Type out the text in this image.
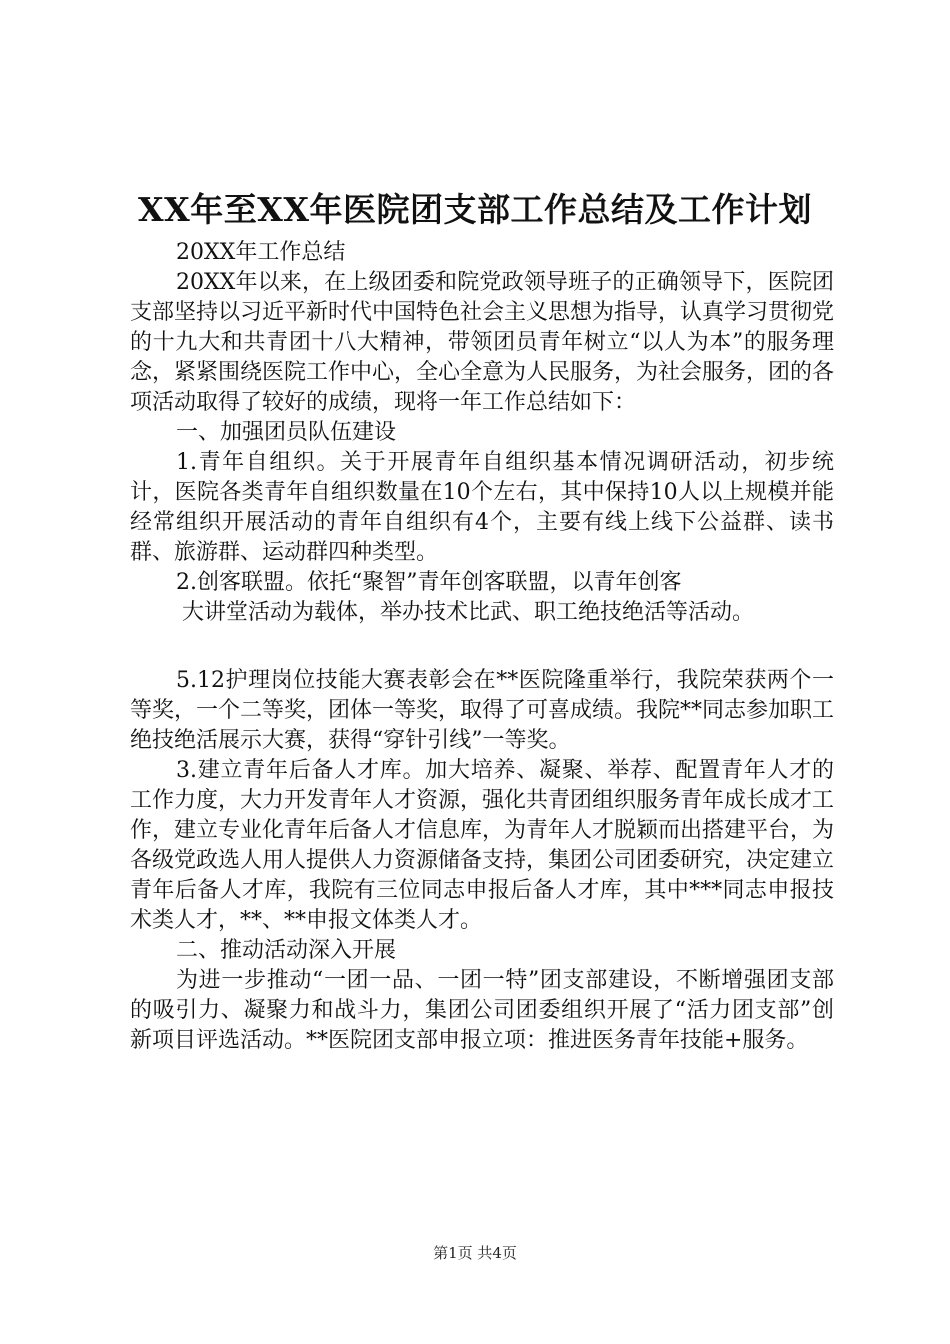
XX年至XX年医院团支部工作总结及工作计划

20XX年工作总结

20XX年以来，在上级团委和院党政领导班子的正确领导下，医院团支部坚持以习近平新时代中国特色社会主义思想为指导，认真学习贯彻党的十九大和共青团十八大精神，带领团员青年树立“以人为本”的服务理念，紧紧围绕医院工作中心，全心全意为人民服务，为社会服务，团的各项活动取得了较好的成绩，现将一年工作总结如下：

一、加强团员队伍建设

1.青年自组织。关于开展青年自组织基本情况调研活动，初步统计，医院各类青年自组织数量在10个左右，其中保持10人以上规模并能经常组织开展活动的青年自组织有4个，主要有线上线下公益群、读书群、旅游群、运动群四种类型。

2.创客联盟。依托“聚智”青年创客联盟，以青年创客

大讲堂活动为载体，举办技术比武、职工绝技绝活等活动。

5.12护理岗位技能大赛表彰会在**医院隆重举行，我院荣获两个一等奖，一个二等奖，团体一等奖，取得了可喜成绩。我院**同志参加职工绝技绝活展示大赛，获得“穿针引线”一等奖。

3.建立青年后备人才库。加大培养、凝聚、举荐、配置青年人才的工作力度，大力开发青年人才资源，强化共青团组织服务青年成长成才工作，建立专业化青年后备人才信息库，为青年人才脱颖而出搭建平台，为各级党政选人用人提供人力资源储备支持，集团公司团委研究，决定建立青年后备人才库，我院有三位同志申报后备人才库，其中***同志申报技术类人才，**、**申报文体类人才。

二、推动活动深入开展

为进一步推动“一团一品、一团一特”团支部建设，不断增强团支部的吸引力、凝聚力和战斗力，集团公司团委组织开展了“活力团支部”创新项目评选活动。**医院团支部申报立项：推进医务青年技能+服务。

第1页 共4页
